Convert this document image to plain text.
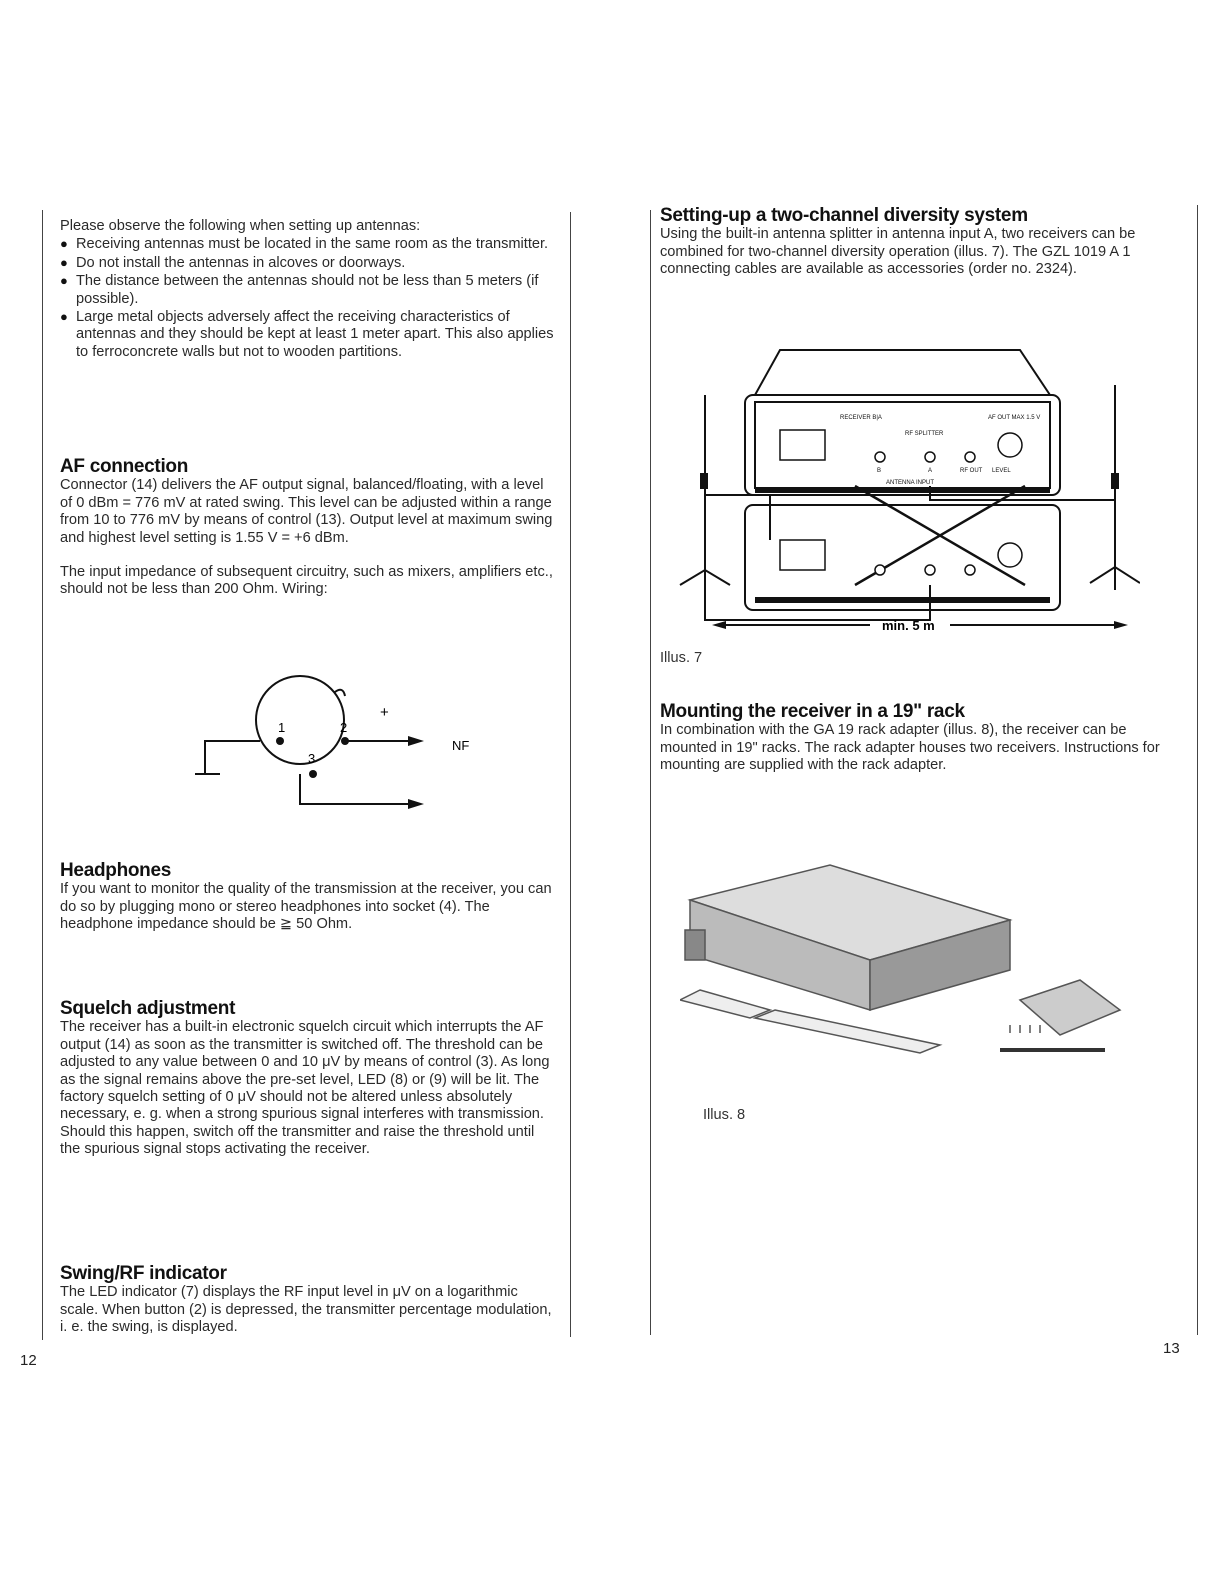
Please observe the following when setting up antennas:

● Receiving antennas must be located in the same room as the transmitter.

● Do not install the antennas in alcoves or doorways.

● The distance between the antennas should not be less than 5 meters (if possible).

● Large metal objects adversely affect the receiving characteristics of antennas and they should be kept at least 1 meter apart. This also applies to ferroconcrete walls but not to wooden partitions.

AF connection

Connector (14) delivers the AF output signal, balanced/floating, with a level of 0 dBm = 776 mV at rated swing. This level can be adjusted within a range from 10 to 776 mV by means of control (13). Output level at maximum swing and highest level setting is 1.55 V = +6 dBm.

The input impedance of subsequent circuitry, such as mixers, amplifiers etc., should not be less than 200 Ohm. Wiring:

1	2
3
+
NF
Headphones

If you want to monitor the quality of the transmission at the receiver, you can do so by plugging mono or stereo headphones into socket (4). The headphone impedance should be ≧ 50 Ohm.

Squelch adjustment

The receiver has a built-in electronic squelch circuit which interrupts the AF output (14) as soon as the transmitter is switched off. The threshold can be adjusted to any value between 0 and 10 μV by means of control (3). As long as the signal remains above the pre-set level, LED (8) or (9) will be lit. The factory squelch setting of 0 μV should not be altered unless absolutely necessary, e. g. when a strong spurious signal interferes with transmission. Should this happen, switch off the transmitter and raise the threshold until the spurious signal stops activating the receiver.

Swing/RF indicator

The LED indicator (7) displays the RF input level in μV on a logarithmic scale. When button (2) is depressed, the transmitter percentage modulation, i. e. the swing, is displayed.

12
Setting-up a two-channel diversity system

Using the built-in antenna splitter in antenna input A, two receivers can be combined for two-channel diversity operation (illus. 7). The GZL 1019 A 1 connecting cables are available as accessories (order no. 2324).

RECEIVER B|A
RF SPLITTER
AF OUT MAX 1.5 V
ANTENNA INPUT
B	A	RF OUT LEVEL
min. 5 m
Illus. 7
Mounting the receiver in a 19" rack

In combination with the GA 19 rack adapter (illus. 8), the receiver can be mounted in 19" racks. The rack adapter houses two receivers. Instructions for mounting are supplied with the rack adapter.

Illus. 8
13
